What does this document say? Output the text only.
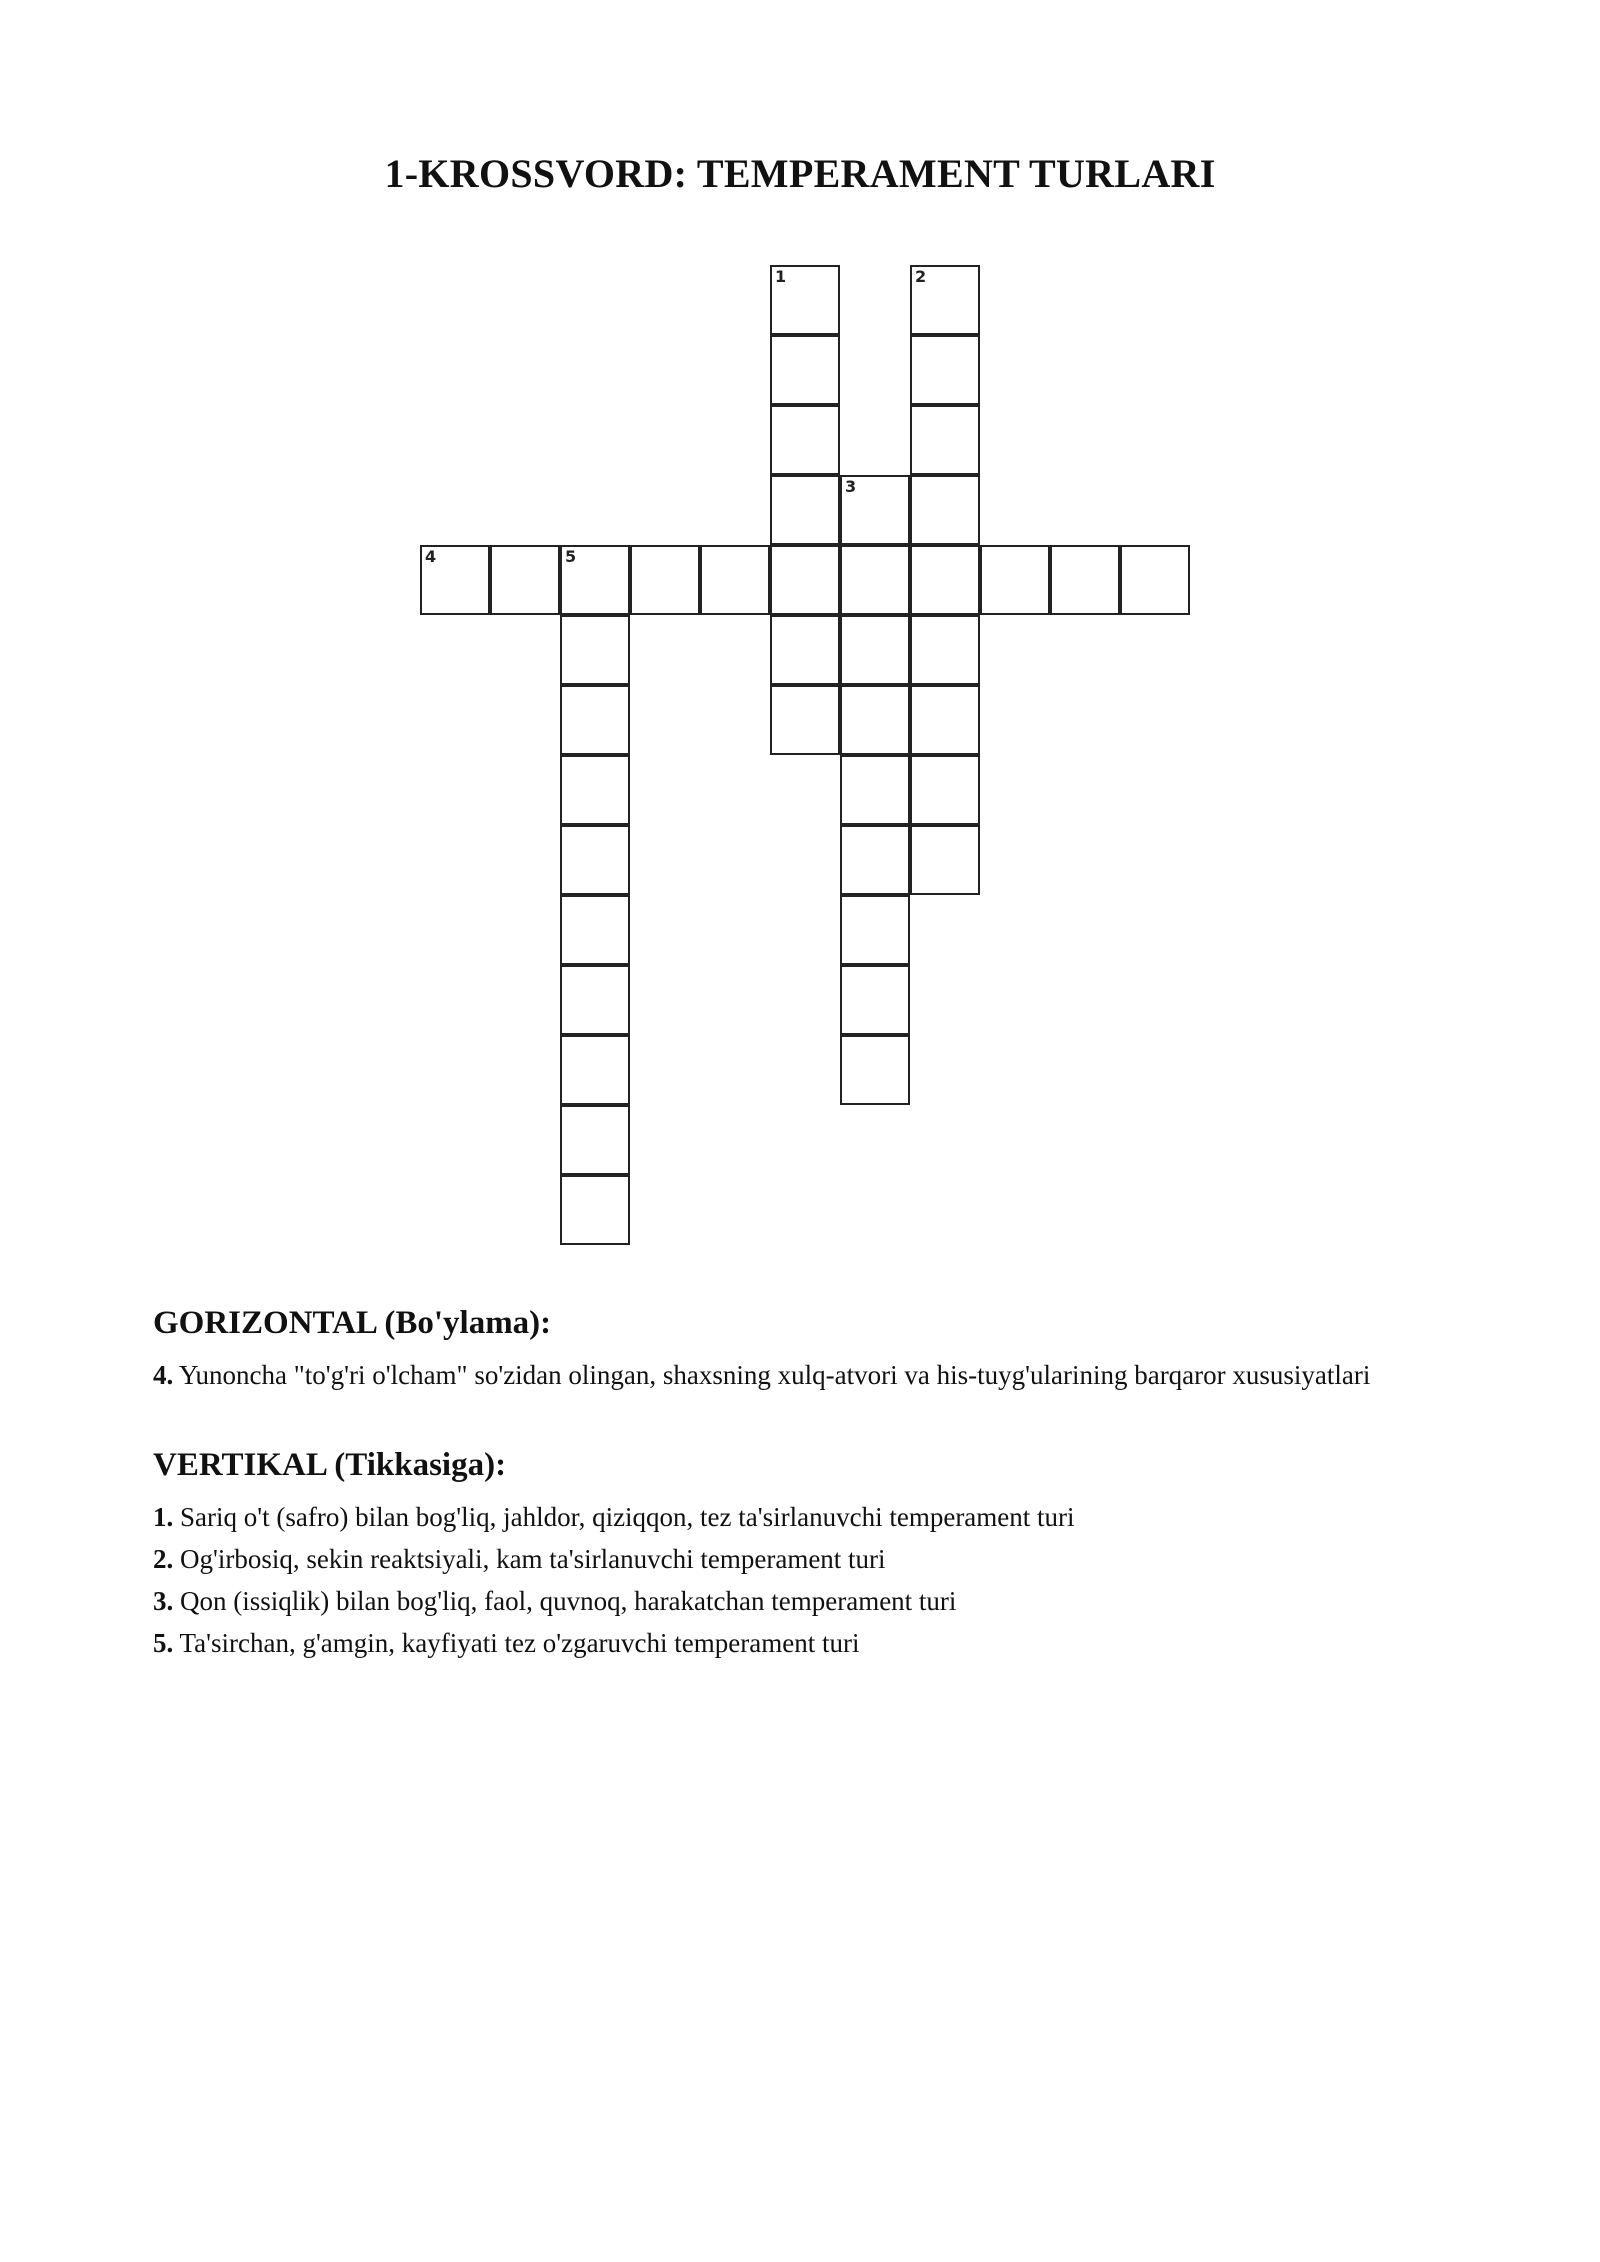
1-KROSSVORD: TEMPERAMENT TURLARI
1	2
3
4	5
GORIZONTAL (Bo'ylama):
4. Yunoncha "to'g'ri o'lcham" so'zidan olingan, shaxsning xulq-atvori va his-tuyg'ularining barqaror xususiyatlari
VERTIKAL (Tikkasiga):
1. Sariq o't (safro) bilan bog'liq, jahldor, qiziqqon, tez ta'sirlanuvchi temperament turi
2. Og'irbosiq, sekin reaktsiyali, kam ta'sirlanuvchi temperament turi
3. Qon (issiqlik) bilan bog'liq, faol, quvnoq, harakatchan temperament turi
5. Ta'sirchan, g'amgin, kayfiyati tez o'zgaruvchi temperament turi
